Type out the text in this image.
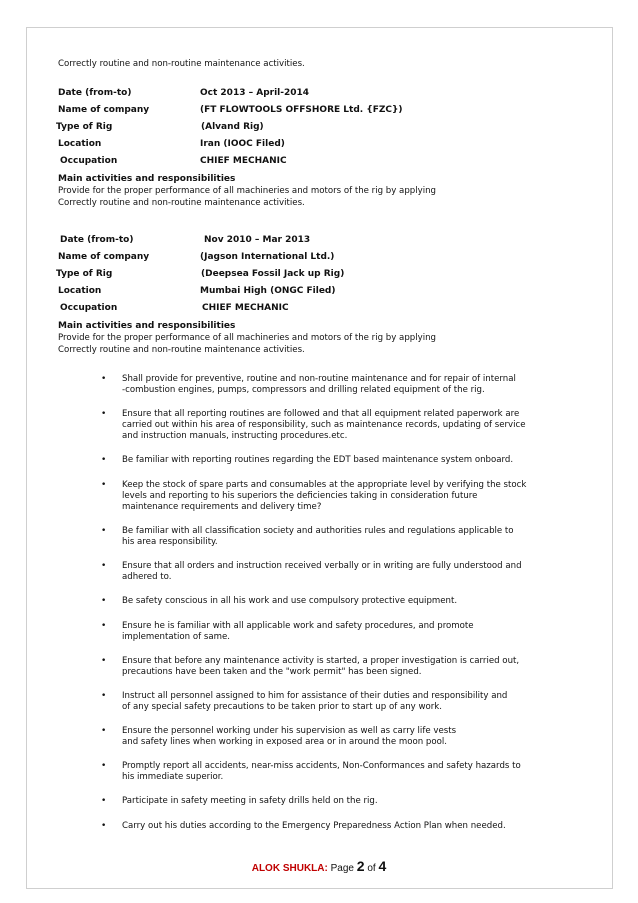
Correctly routine and non-routine maintenance activities.
Date (from-to)	Oct 2013 – April-2014
Name of company	(FT FLOWTOOLS OFFSHORE Ltd. {FZC})
Type of Rig	(Alvand Rig)
Location	Iran (IOOC Filed)
Occupation	CHIEF MECHANIC
Main activities and responsibilities
Provide for the proper performance of all machineries and motors of the rig by applying
Correctly routine and non-routine maintenance activities.
Date (from-to)	Nov 2010 – Mar 2013
Name of company	(Jagson International Ltd.)
Type of Rig	(Deepsea Fossil Jack up Rig)
Location	Mumbai High (ONGC Filed)
Occupation	CHIEF MECHANIC
Main activities and responsibilities
Provide for the proper performance of all machineries and motors of the rig by applying
Correctly routine and non-routine maintenance activities.
• Shall provide for preventive, routine and non-routine maintenance and for repair of internal
-combustion engines, pumps, compressors and drilling related equipment of the rig.
• Ensure that all reporting routines are followed and that all equipment related paperwork are
carried out within his area of responsibility, such as maintenance records, updating of service
and instruction manuals, instructing procedures.etc.
• Be familiar with reporting routines regarding the EDT based maintenance system onboard.
• Keep the stock of spare parts and consumables at the appropriate level by verifying the stock
levels and reporting to his superiors the deficiencies taking in consideration future
maintenance requirements and delivery time?
• Be familiar with all classification society and authorities rules and regulations applicable to
his area responsibility.
• Ensure that all orders and instruction received verbally or in writing are fully understood and
adhered to.
• Be safety conscious in all his work and use compulsory protective equipment.
• Ensure he is familiar with all applicable work and safety procedures, and promote
implementation of same.
• Ensure that before any maintenance activity is started, a proper investigation is carried out,
precautions have been taken and the "work permit" has been signed.
• Instruct all personnel assigned to him for assistance of their duties and responsibility and
of any special safety precautions to be taken prior to start up of any work.
• Ensure the personnel working under his supervision as well as carry life vests
and safety lines when working in exposed area or in around the moon pool.
• Promptly report all accidents, near-miss accidents, Non-Conformances and safety hazards to
his immediate superior.
• Participate in safety meeting in safety drills held on the rig.
• Carry out his duties according to the Emergency Preparedness Action Plan when needed.
ALOK SHUKLA: Page 2 of 4
